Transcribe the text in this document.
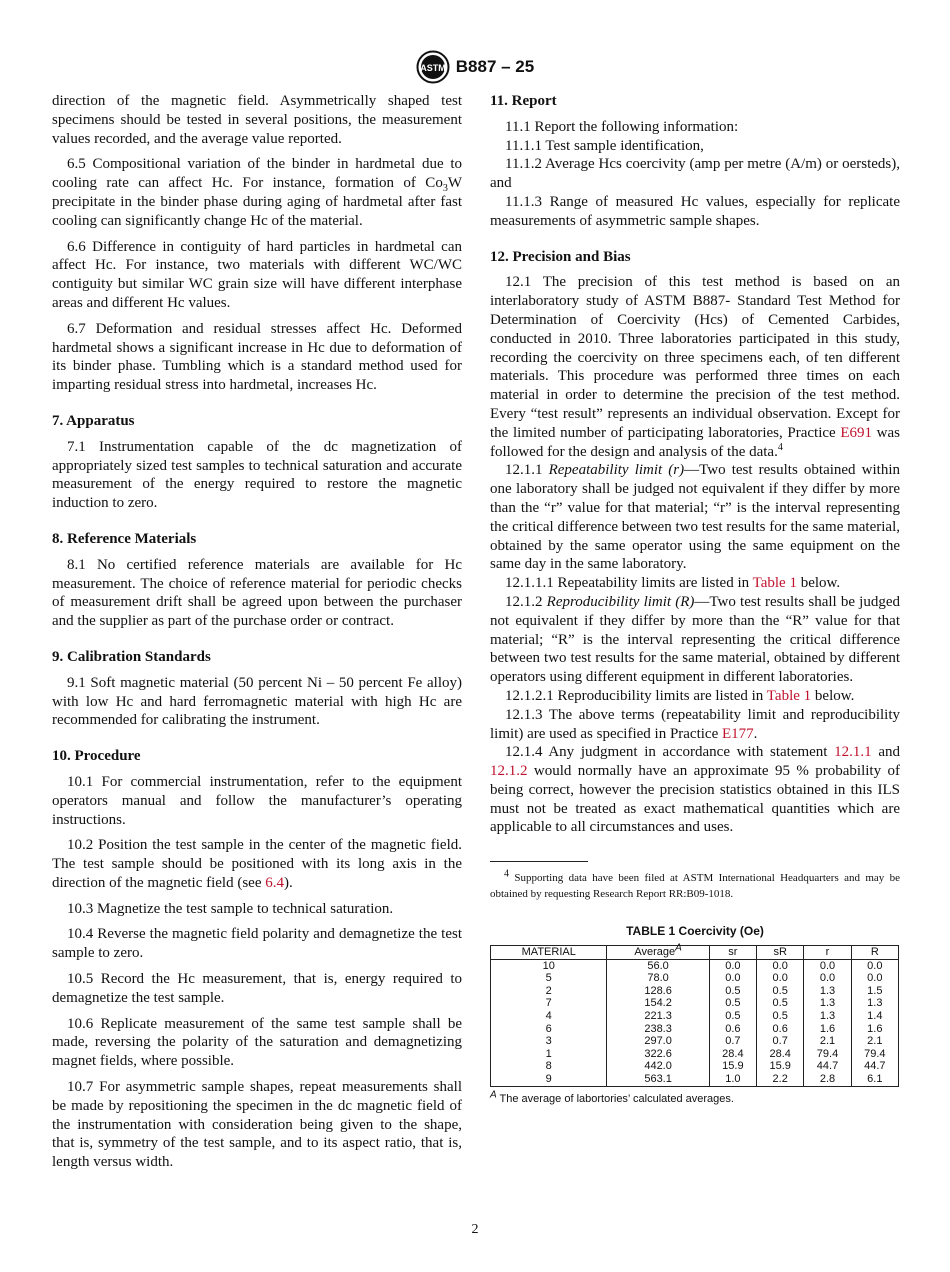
ASTM B887 – 25

direction of the magnetic field. Asymmetrically shaped test specimens should be tested in several positions, the measurement values recorded, and the average value reported.

6.5 Compositional variation of the binder in hardmetal due to cooling rate can affect Hc. For instance, formation of $Co_3W$ precipitate in the binder phase during aging of hardmetal after fast cooling can significantly change Hc of the material.

6.6 Difference in contiguity of hard particles in hardmetal can affect Hc. For instance, two materials with different WC/WC contiguity but similar WC grain size will have different interphase areas and different Hc values.

6.7 Deformation and residual stresses affect Hc. Deformed hardmetal shows a significant increase in Hc due to deformation of its binder phase. Tumbling which is a standard method used for imparting residual stress into hardmetal, increases Hc.

7. Apparatus

7.1 Instrumentation capable of the dc magnetization of appropriately sized test samples to technical saturation and accurate measurement of the energy required to restore the magnetic induction to zero.

8. Reference Materials

8.1 No certified reference materials are available for Hc measurement. The choice of reference material for periodic checks of measurement drift shall be agreed upon between the purchaser and the supplier as part of the purchase order or contract.

9. Calibration Standards

9.1 Soft magnetic material (50 percent Ni – 50 percent Fe alloy) with low Hc and hard ferromagnetic material with high Hc are recommended for calibrating the instrument.

10. Procedure

10.1 For commercial instrumentation, refer to the equipment operators manual and follow the manufacturer’s operating instructions.

10.2 Position the test sample in the center of the magnetic field. The test sample should be positioned with its long axis in the direction of the magnetic field (see 6.4).

10.3 Magnetize the test sample to technical saturation.

10.4 Reverse the magnetic field polarity and demagnetize the test sample to zero.

10.5 Record the Hc measurement, that is, energy required to demagnetize the test sample.

10.6 Replicate measurement of the same test sample shall be made, reversing the polarity of the saturation and demagnetizing magnet fields, where possible.

10.7 For asymmetric sample shapes, repeat measurements shall be made by repositioning the specimen in the dc magnetic field of the instrumentation with consideration being given to the shape, that is, symmetry of the test sample, and to its aspect ratio, that is, length versus width.

11. Report

11.1 Report the following information:

11.1.1 Test sample identification,

11.1.2 Average Hcs coercivity (amp per metre (A/m) or oersteds), and

11.1.3 Range of measured Hc values, especially for replicate measurements of asymmetric sample shapes.

12. Precision and Bias

12.1 The precision of this test method is based on an interlaboratory study of ASTM B887- Standard Test Method for Determination of Coercivity (Hcs) of Cemented Carbides, conducted in 2010. Three laboratories participated in this study, recording the coercivity on three specimens each, of ten different materials. This procedure was performed three times on each material in order to determine the precision of the test method. Every “test result” represents an individual observation. Except for the limited number of participating laboratories, Practice E691 was followed for the design and analysis of the data.$^4$

12.1.1 Repeatability limit (r)—Two test results obtained within one laboratory shall be judged not equivalent if they differ by more than the “r” value for that material; “r” is the interval representing the critical difference between two test results for the same material, obtained by the same operator using the same equipment on the same day in the same laboratory.

12.1.1.1 Repeatability limits are listed in Table 1 below.

12.1.2 Reproducibility limit (R)—Two test results shall be judged not equivalent if they differ by more than the “R” value for that material; “R” is the interval representing the critical difference between two test results for the same material, obtained by different operators using different equipment in different laboratories.

12.1.2.1 Reproducibility limits are listed in Table 1 below.

12.1.3 The above terms (repeatability limit and reproducibility limit) are used as specified in Practice E177.

12.1.4 Any judgment in accordance with statement 12.1.1 and 12.1.2 would normally have an approximate 95 % probability of being correct, however the precision statistics obtained in this ILS must not be treated as exact mathematical quantities which are applicable to all circumstances and uses.

$^4$ Supporting data have been filed at ASTM International Headquarters and may be obtained by requesting Research Report RR:B09-1018.

TABLE 1 Coercivity (Oe)
MATERIAL	Average$^A$	sr	sR	r	R
10	56.0	0.0	0.0	0.0	0.0
5	78.0	0.0	0.0	0.0	0.0
2	128.6	0.5	0.5	1.3	1.5
7	154.2	0.5	0.5	1.3	1.3
4	221.3	0.5	0.5	1.3	1.4
6	238.3	0.6	0.6	1.6	1.6
3	297.0	0.7	0.7	2.1	2.1
1	322.6	28.4	28.4	79.4	79.4
8	442.0	15.9	15.9	44.7	44.7
9	563.1	1.0	2.2	2.8	6.1
$^A$ The average of labortories’ calculated averages.
2
